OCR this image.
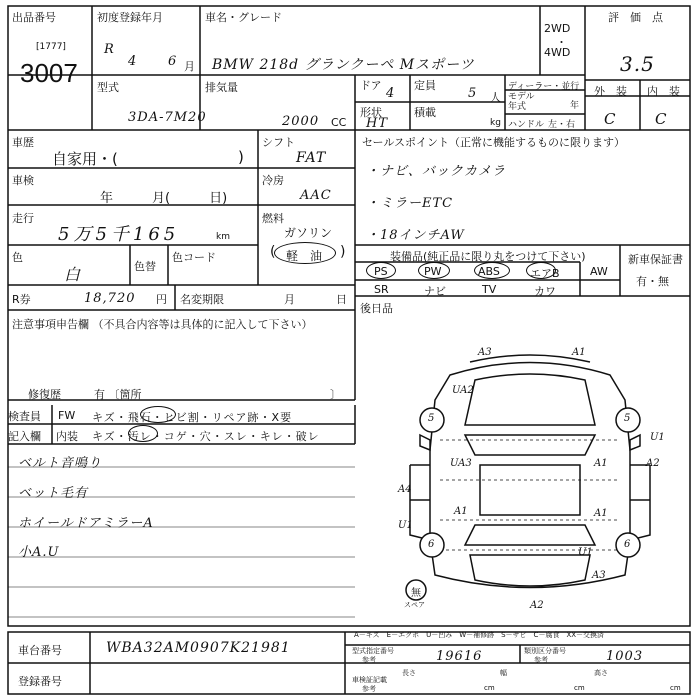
出品番号
[1777]
3007
初度登録年月
R
4 6 月
車名・グレード
BMW 218d グランクーペ Mスポーツ
2WD
・
4WD
評　価　点
3.5
型式
3DA-7M20
排気量
2000 CC
ドア
4
定員
5 人
形状
HT
積載
kg
ディーラー・並行
モデル
年式	年
ハンドル 左・右
外　装 内　装
C	C
車歴
自家用・(	)
車検
年　　　月(　　　日)
走行
5万5千165	km
色
白	色替
色コード
シフト
FAT
冷房
AAC
燃料
ガソリン
軽　油
(	)
セールスポイント（正常に機能するものに限ります）
・ナビ、バックカメラ
・ミラーETC
・18インチAW
装備品(純正品に限り丸をつけて下さい)
PS	PW	ABS	エアB	AW
SR	ナビ	TV	カワ
新車保証書
有・無
R券	18,720 円 名変期限	月	日
後日品
注意事項申告欄 （不具合内容等は具体的に記入して下さい）
修復歴	有 〔箇所	〕
検査員
記入欄
FW キズ・飛石・ヒビ割・リペア跡・X要
内装 キズ・汚レ・コゲ・穴・スレ・キレ・破レ
ベルト音鳴り
ベット毛有
ホイールドアミラーA
小A.U
A3	A1
UA2
5	5
U1
UA3	A1	A2
A4
A1	A1
U1
6	6
U1
A3
A2
無
スペア
A－キズ　E－エクボ　U－凹み　W－補修跡　S－サビ　C－腐食　XX－交換済
車台番号	WBA32AM0907K21981
登録番号
型式指定番号
参考	19616	類別区分番号
参考	1003
車検証記載
参考
長さ
cm
幅
cm
高さ
cm
